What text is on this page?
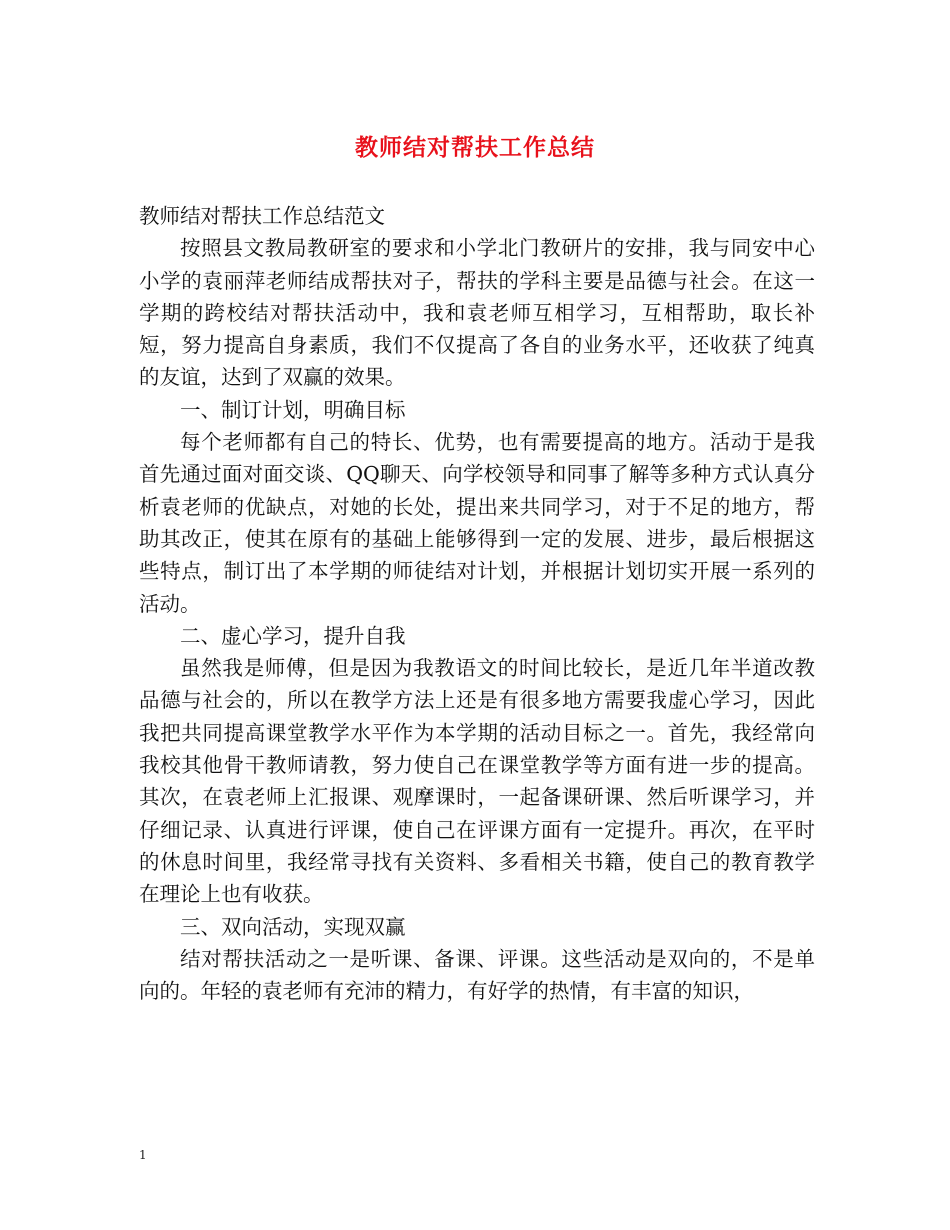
教师结对帮扶工作总结

教师结对帮扶工作总结范文

按照县文教局教研室的要求和小学北门教研片的安排，我与同安中心小学的袁丽萍老师结成帮扶对子，帮扶的学科主要是品德与社会。在这一学期的跨校结对帮扶活动中，我和袁老师互相学习，互相帮助，取长补短，努力提高自身素质，我们不仅提高了各自的业务水平，还收获了纯真的友谊，达到了双赢的效果。

一、制订计划，明确目标

每个老师都有自己的特长、优势，也有需要提高的地方。活动于是我首先通过面对面交谈、QQ聊天、向学校领导和同事了解等多种方式认真分析袁老师的优缺点，对她的长处，提出来共同学习，对于不足的地方，帮助其改正，使其在原有的基础上能够得到一定的发展、进步，最后根据这些特点，制订出了本学期的师徒结对计划，并根据计划切实开展一系列的活动。

二、虚心学习，提升自我

虽然我是师傅，但是因为我教语文的时间比较长，是近几年半道改教品德与社会的，所以在教学方法上还是有很多地方需要我虚心学习，因此我把共同提高课堂教学水平作为本学期的活动目标之一。首先，我经常向我校其他骨干教师请教，努力使自己在课堂教学等方面有进一步的提高。其次，在袁老师上汇报课、观摩课时，一起备课研课、然后听课学习，并仔细记录、认真进行评课，使自己在评课方面有一定提升。再次，在平时的休息时间里，我经常寻找有关资料、多看相关书籍，使自己的教育教学在理论上也有收获。

三、双向活动，实现双赢

结对帮扶活动之一是听课、备课、评课。这些活动是双向的，不是单向的。年轻的袁老师有充沛的精力，有好学的热情，有丰富的知识，

1
